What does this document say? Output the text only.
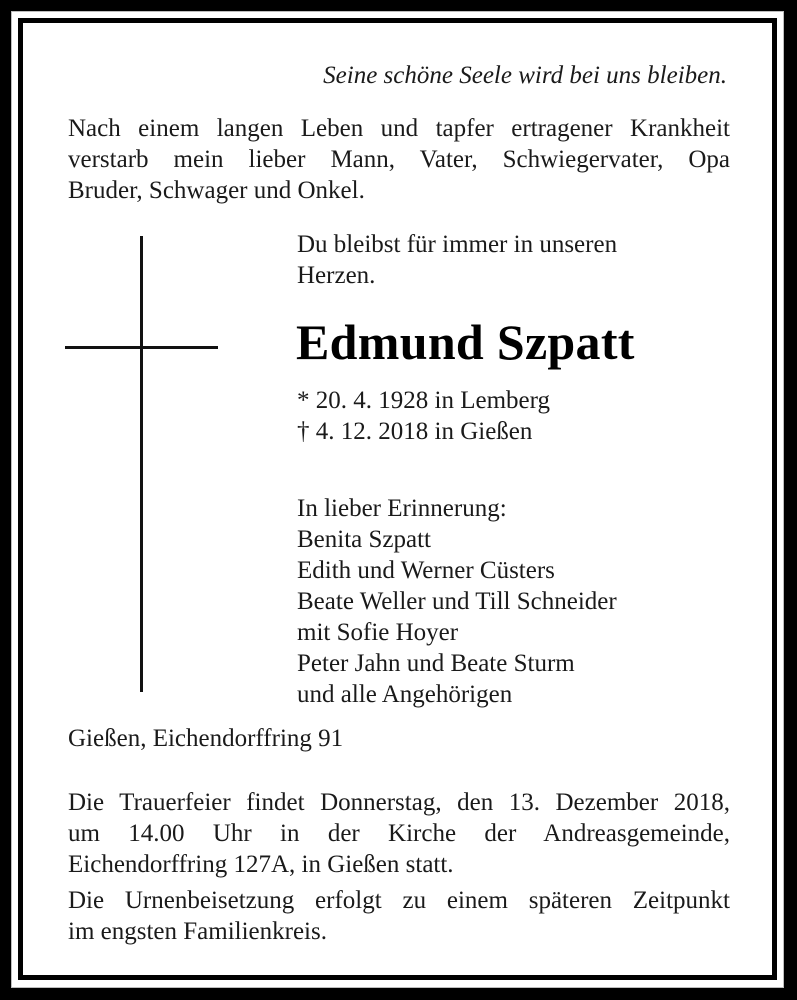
Seine schöne Seele wird bei uns bleiben.
Nach einem langen Leben und tapfer ertragener Krankheit
verstarb mein lieber Mann, Vater, Schwiegervater, Opa
Bruder, Schwager und Onkel.
Du bleibst für immer in unseren
Herzen.
Edmund Szpatt
* 20. 4. 1928 in Lemberg
† 4. 12. 2018 in Gießen
In lieber Erinnerung:
Benita Szpatt
Edith und Werner Cüsters
Beate Weller und Till Schneider
mit Sofie Hoyer
Peter Jahn und Beate Sturm
und alle Angehörigen
Gießen, Eichendorffring 91
Die Trauerfeier findet Donnerstag, den 13. Dezember 2018,
um 14.00 Uhr in der Kirche der Andreasgemeinde,
Eichendorffring 127A, in Gießen statt.
Die Urnenbeisetzung erfolgt zu einem späteren Zeitpunkt
im engsten Familienkreis.
